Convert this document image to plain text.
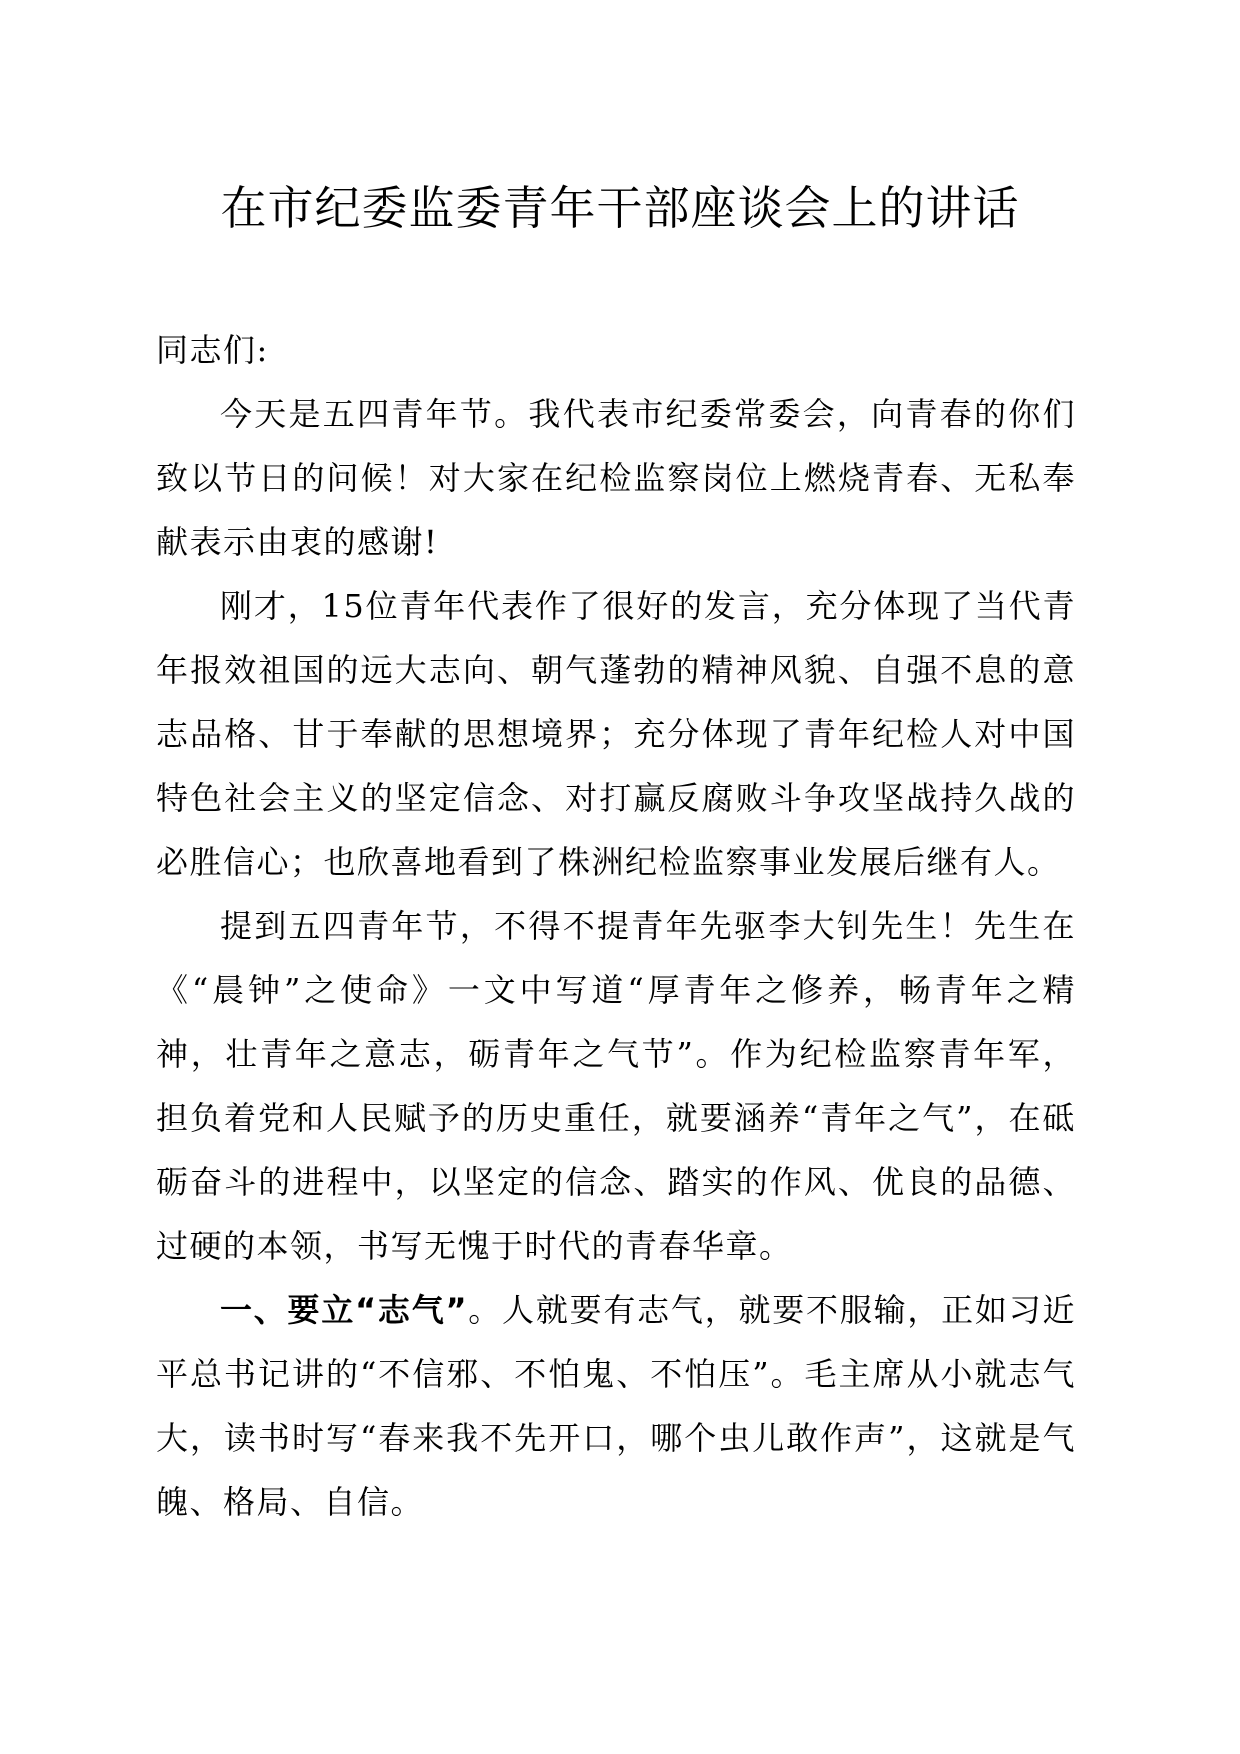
在市纪委监委青年干部座谈会上的讲话

同志们:

今天是五四青年节。我代表市纪委常委会，向青春的你们致以节日的问候！对大家在纪检监察岗位上燃烧青春、无私奉献表示由衷的感谢!

刚才，15位青年代表作了很好的发言，充分体现了当代青年报效祖国的远大志向、朝气蓬勃的精神风貌、自强不息的意志品格、甘于奉献的思想境界；充分体现了青年纪检人对中国特色社会主义的坚定信念、对打赢反腐败斗争攻坚战持久战的必胜信心；也欣喜地看到了株洲纪检监察事业发展后继有人。

提到五四青年节，不得不提青年先驱李大钊先生！先生在《“晨钟”之使命》一文中写道“厚青年之修养，畅青年之精神，壮青年之意志，砺青年之气节”。作为纪检监察青年军，担负着党和人民赋予的历史重任，就要涵养“青年之气”，在砥砺奋斗的进程中，以坚定的信念、踏实的作风、优良的品德、过硬的本领，书写无愧于时代的青春华章。

一、要立“志气”。人就要有志气，就要不服输，正如习近平总书记讲的“不信邪、不怕鬼、不怕压”。毛主席从小就志气大，读书时写“春来我不先开口，哪个虫儿敢作声”，这就是气魄、格局、自信。
